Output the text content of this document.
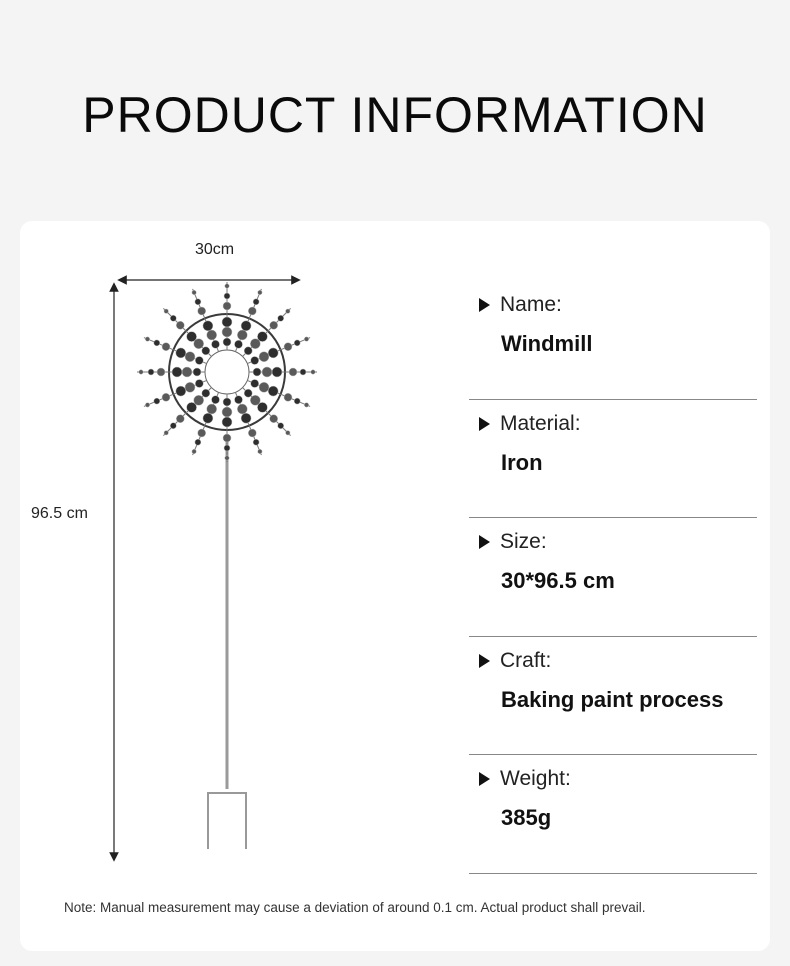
PRODUCT INFORMATION
30cm
96.5 cm
Name:
Windmill
Material:
Iron
Size:
30*96.5 cm
Craft:
Baking paint process
Weight:
385g
Note: Manual measurement may cause a deviation of around 0.1 cm. Actual product shall prevail.
